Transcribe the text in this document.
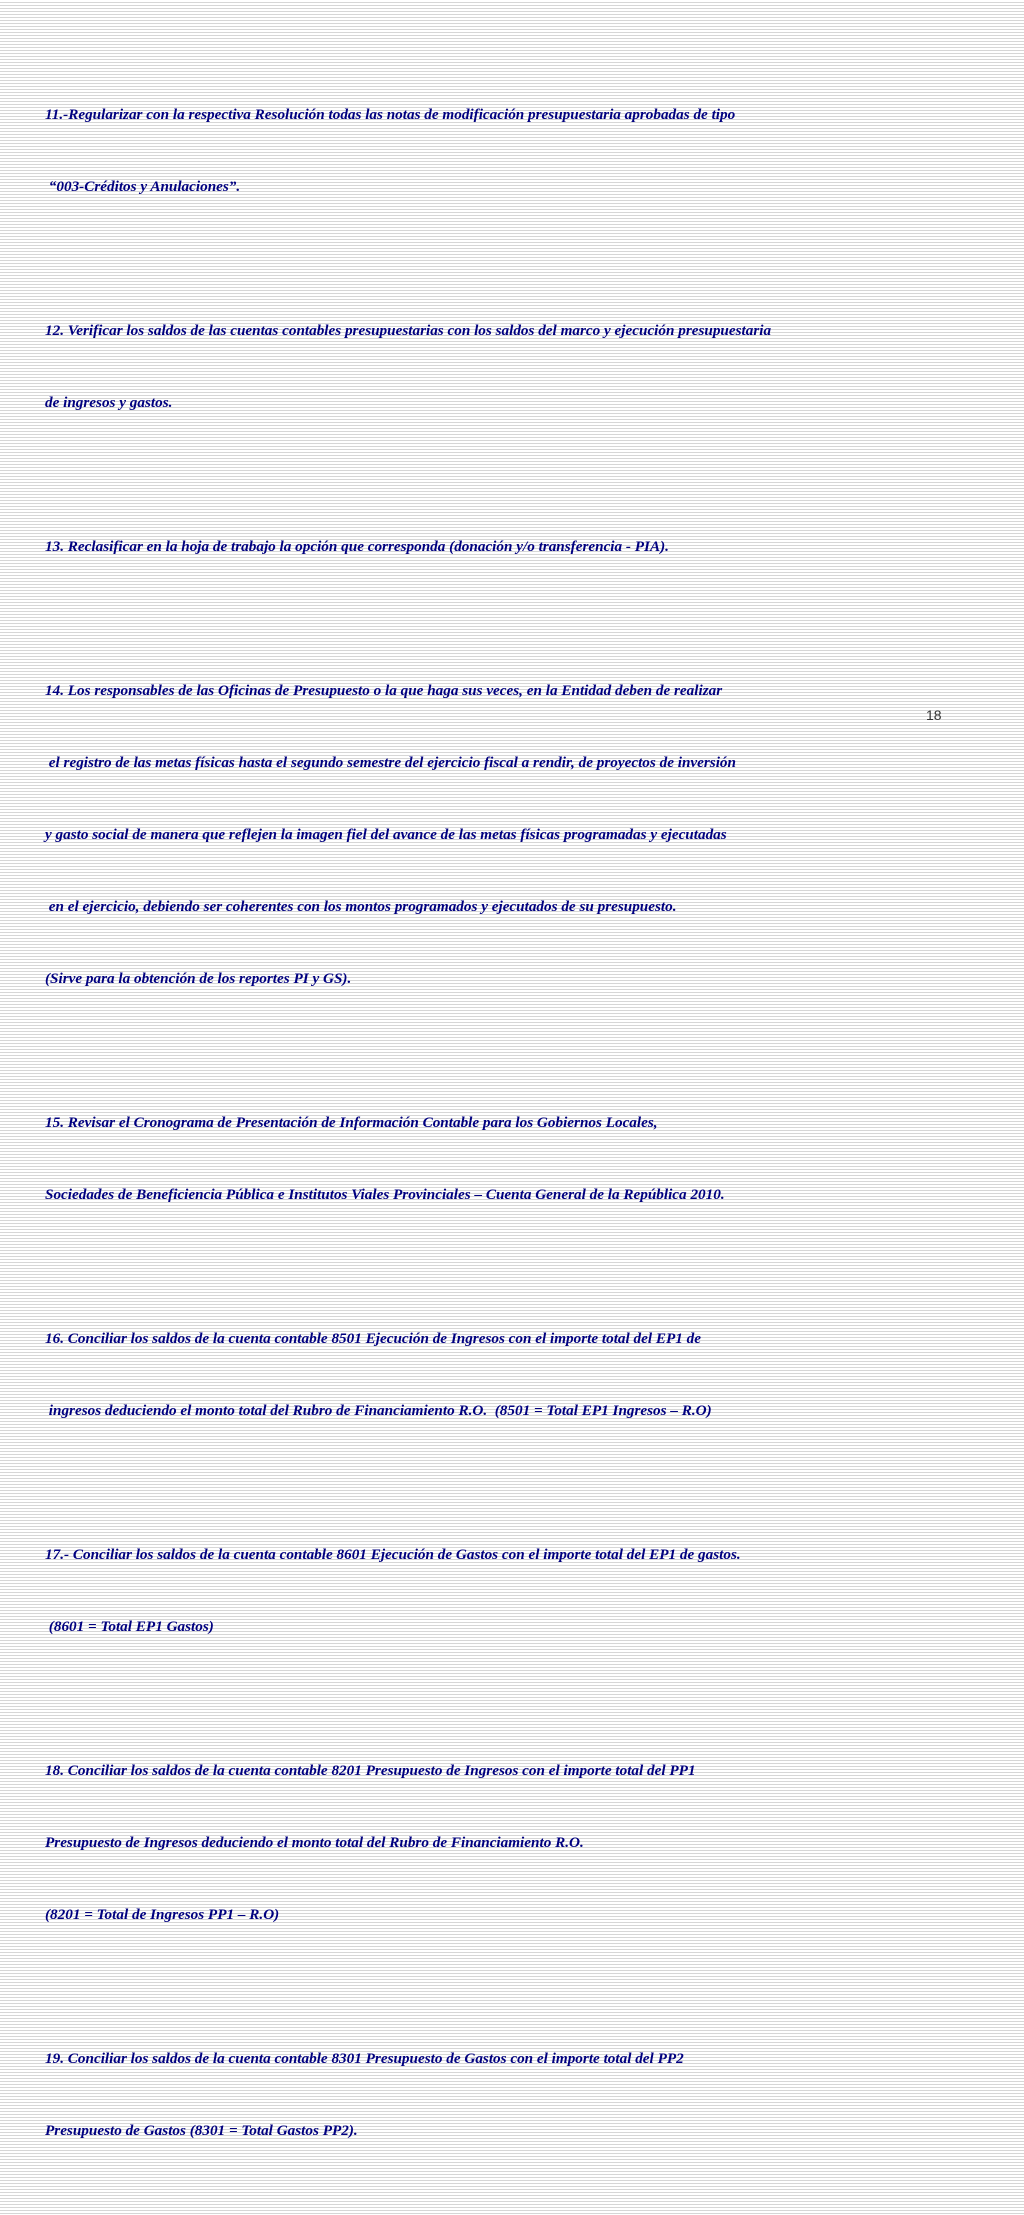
11.-Regularizar con la respectiva Resolución todas las notas de modificación presupuestaria aprobadas de tipo

“003-Créditos y Anulaciones”.

12. Verificar los saldos de las cuentas contables presupuestarias con los saldos del marco y ejecución presupuestaria

de ingresos y gastos.

13. Reclasificar en la hoja de trabajo la opción que corresponda (donación y/o transferencia - PIA).

14. Los responsables de las Oficinas de Presupuesto o la que haga sus veces, en la Entidad deben de realizar

el registro de las metas físicas hasta el segundo semestre del ejercicio fiscal a rendir, de proyectos de inversión

y gasto social de manera que reflejen la imagen fiel del avance de las metas físicas programadas y ejecutadas

en el ejercicio, debiendo ser coherentes con los montos programados y ejecutados de su presupuesto.

(Sirve para la obtención de los reportes PI y GS).

15. Revisar el Cronograma de Presentación de Información Contable para los Gobiernos Locales,

Sociedades de Beneficiencia Pública e Institutos Viales Provinciales – Cuenta General de la República 2010.

16. Conciliar los saldos de la cuenta contable 8501 Ejecución de Ingresos con el importe total del EP1 de

ingresos deduciendo el monto total del Rubro de Financiamiento R.O.  (8501 = Total EP1 Ingresos – R.O)

17.- Conciliar los saldos de la cuenta contable 8601 Ejecución de Gastos con el importe total del EP1 de gastos.

(8601 = Total EP1 Gastos)

18. Conciliar los saldos de la cuenta contable 8201 Presupuesto de Ingresos con el importe total del PP1

Presupuesto de Ingresos deduciendo el monto total del Rubro de Financiamiento R.O.

(8201 = Total de Ingresos PP1 – R.O)

19. Conciliar los saldos de la cuenta contable 8301 Presupuesto de Gastos con el importe total del PP2

Presupuesto de Gastos (8301 = Total Gastos PP2).

18
